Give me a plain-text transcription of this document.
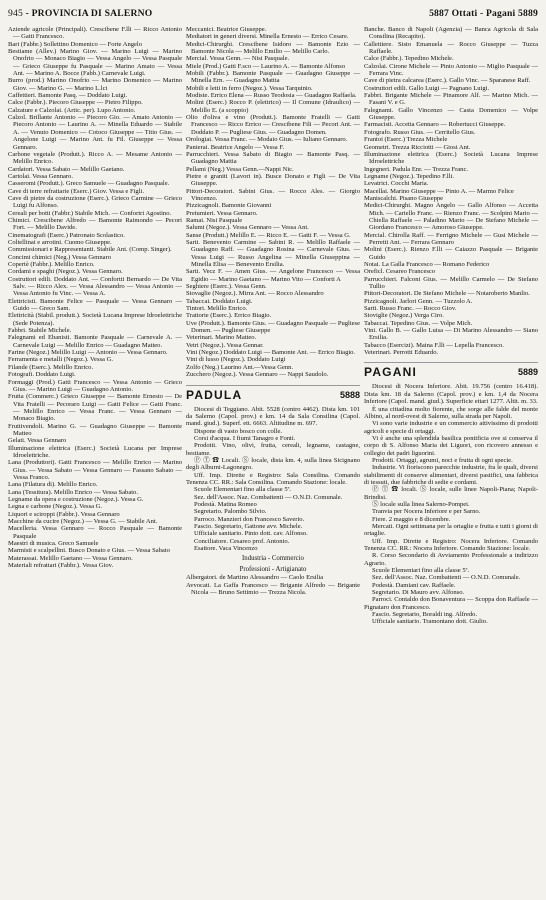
945 - PROVINCIA DI SALERNO	5887 Ottati - Pagani 5889
Aziende agricole (Principali). Crescibene F.lli — Ricco Antonio — Gatti Francesco.
Bari (Fabbr.) Sollettino Domenico — Forte Angelo
Bestiame (Allev.) Marino Giov. — Marino Luigi — Marino Onofrio — Monaco Biagio — Vessa Angelo — Vessa Pasquale — Grieco Giuseppe fu Pasquale — Marino Amato — Vessa Ant. — Marino A. Bocce (Fabb.) Carnevale Luigi.
Burro (prod.) Marino Onofrio — Marino Domenico — Marino Giov. — Marino G. — Marino L.lci
Caffettieri. Bamonte Pasq. — Doddato Luigi.
Calce (Fabbr.). Piecoro Giuseppe — Pietro Filippo.
Calzature e Calzolai. (Artic. per). Lupo Antonio.
Calzol. Brillante Antonio — Piecoro Gio. — Amato Antonio — Piecoro Antonio — Laurino A. — Minella Eduardo — Stabile A. — Venuto Domenico — Cotoco Giuseppe — Titio Gius. — Angelone Luigi — Marino Ant. fu Fil. Giuseppe — Vessa Gennaro.
Carbone vegetale (Produtt.). Ricco A. — Mesame Antonio — Melillo Enrico.
Cardatori. Vessa Sabato — Melillo Gaetano.
Cartolai. Vessa Gennaro.
Casseromi (Produtt.). Greco Samuele — Guadagno Pasquale.
Cave di terre refrattarie (Eserc.) Giov. Vessa e Figli.
Cave di pietre da costruzione (Eserc.). Grieco Carmine — Grieco Luigi fu Alfonso.
Cereali per botti (Fabbr.) Stabile Mich. — Confortri Agostino.
Chimici. Crescibene Alfredo — Bamonte Raimondo — Pecori Fort. — Melillo Davide.
Cinematografi (Eserc.) Patronato Scolastico.
Coltellinai e arrotini. Cuomo Giuseppe.
Commissionari e Rappresentanti. Stabile Ant. (Comp. Singer).
Concimi chimici (Neg.) Vessa Gennaro
Copertè (Fabbr.). Melillo Enrico.
Cordami e spaghi (Negoz.). Vessa Gennaro.
Costruttori edili. Doddato Ant. — Confortti Bernardo — De Vita Salv. — Ricco Alex. — Vessa Alessandro — Vessa Antonio — Vessa Antonio fu Vinc. — Vessa A.
Elettricisti. Bamonte Felice — Pasquale — Vessa Gennaro — Guido — Greco Sam.
Elettricità (Stabil. produtt.). Società Lucana Imprese Idroelettriche (Sede Potenza).
Fabbri. Stabile Michele.
Falegnami ed Ebanisti. Bamonte Pasquale — Carnevale A. — Carnevale Luigi — Melillo Enrico — Guadagno Matteo.
Farine (Negoz.) Melillo Luigi — Antonio — Vessa Gennaro.
Ferramenta e metalli (Negoz.). Vessa G.
Filande (Eserc.). Melillo Enrico.
Fotografi. Doddato Luigi.
Formaggi (Prod.) Gatti Francesco — Vessa Antonio — Grieco Gius. — Marino Luigi — Guadagno Antonio.
Frutta (Commerc.) Grieco Giuseppe — Bamonte Ernesto — De Vita Fratelli — Pecoraro Luigi — Gatti Felice — Gatti Franc. — Melillo Enrico — Vessa Franc. — Vessa Gennaro — Monaco Biagio.
Fruttivendoli. Marino G. — Guadagno Giuseppe — Bamonte Matteo
Gelati. Vessa Gennaro
Illuminazione elettrica (Eserc.) Società Lucana per Imprese Idroelettriche.
Lana (Produttori). Gatti Francesco — Melillo Enrico — Marino Gius. — Vessa Sabato — Vessa Gennaro — Fassano Sabato — Vessa Franco.
Lana (Filatura di). Melillo Enrico.
Lana (Tessitura). Melillo Enrico — Vessa Sabato.
Legname da opera e costruzione (Negoz.). Vessa G.
Legna e carbone (Negoz.). Vessa G.
Liquori e sciroppi (Fabbr.). Vessa Gennaro
Macchine da cucire (Negoz.) — Vessa G. — Stabile Ant.
Macelleria. Vessa Gennaro — Rocco Pasquale — Bamonte Pasquale
Maestri di musica. Greco Samuele
Marmisti e scalpellini. Busco Donato e Gius. — Vessa Sabato
Materassai. Melillo Gaetano — Vessa Gennaro.
Materiali refrattari (Fabbr.). Vessa Giov.
Meccanici. Beatrice Giuseppe.
Mediatori in generi diversi. Minella Ernesto — Errico Cesare.
Medici-Chirurghi. Crescibene Isidoro — Bamonte Ezio — Bamonte Nicola — Melillo Emilio — Melillo Carlo.
Mercial. Vessa Genn. — Nisi Pasquale.
Miele (Prod.) Gatti F.sco — Laurino A. — Bamonte Alfonso
Mobili (Fabbr.). Bamonte Pasquale — Guadagno Giuseppe — Minella Ern. — Guadagno Mattia
Mobili e letti in ferro (Negoz.). Vessa Tarquinio.
Modiste. Errico Elena — Russo Teodosia — Guadagno Raffaela.
Molini (Eserc.) Rocco P. (elettrico) — Il Comune (Idraulico) — Melillo E. (a scoppio)
Olio d'oliva e vino (Produtt.). Bamonte Fratelli — Gatti Francesco — Ricco Errico — Crescibene Fili — Pecori Ant. — Doddato P. — Pugliese Gius. — Guadagno Domen.
Orologiai. Vessa Franc. — Modaio Gius. — Iuliano Gennaro.
Panierai. Beatrice Angelo — Vessa F.
Parrucchieri. Vessa Sabato di Biagio — Bamonte Pasq. — Guadagno Mattia
Pellami (Neg.) Vessa Genn.—Nappi Nic.
Pietre e graniti (Lavori in). Busce Donato e Figli — De Vita Giuseppe.
Pittori-Decoratori. Sabini Gius. — Rocco Ales. — Giorgio Vincenzo.
Pizzicagnoli. Bamonte Giovanni
Pretumieri. Vessa Gennaro.
Ramai. Nisi Pasquale
Salumi (Negoz.). Vessa Gennaro — Vessa Ant.
Sanse (Produtt.) Melillo E. — Ricco E. — Gatti F. — Vessa G.
Sarti. Benevento Carmine — Sabini R. — Melillo Raffaele — Guadagno Raff. — Guadagno Rosina — Carnevale Gius. — Vessa Luigi — Russo Angelina — Minella Giuseppina — Minella Elisa — Benevento Ersilia.
Sarti. Vecz F. — Amen Gius. — Angelone Francesco — Vessa Egidio — Marino Gaetano — Marino Vito — Conforti A
Seghiere (Eserc.). Vessa Genn.
Stovaglie (Negoz.). Mirra Ant. — Rocco Alessandro
Tabaccai. Doddato Luigi.
Tintori. Melillo Enrico.
Trattorie (Eserc.). Errico Biagio.
Uve (Produtt.). Bamonte Gius. — Guadagno Pasquale — Pugliese Domen. — Pugliese Giuseppe
Veterinari. Marino Matteo.
Vetri (Negoz.). Vessa Gennar.
Vini (Negoz.) Doddato Luigi — Bamonte Ant. — Errico Biagio.
Vini di lusso (Negoz.). Doddato Luigi
Zolfo (Neg.) Laurino Ant.—Vessa Genn.
Zucchero (Negoz.). Vessa Gennaro — Nappi Saudolo.
PADULA	5888
Diocesi di Teggiano. Abit. 5528 (centro 4462). Dista km. 101 da Salerno (Capol. prov.) e km. 14 da Sala Consilina (Capol. mand. giud.). Superf. ett. 6663. Altitudine m. 697.
Dispone di vasto bosco con colle.
Corsi d'acqua. I fiumi Tanagro e Fonti.
Prodotti. Vino, olivi, frutta, cereali, legname, castagne, bestiame.
Ⓟ Ⓣ ☎ Locali. Ⓢ locale, dista km. 4, sulla linea Sicignano degli Alburni-Lagonegro.
Uff. Imp. Dirette e Registro: Sala Consilina. Comando Tenenza CC. RR.: Sala Consilina. Comando Stazione: locale.
Scuole Elementari fino alla classe 5ª.
Sez. dell'Assoc. Naz. Combattenti — O.N.D. Comunale.
Podestà. Matina Romeo
Segretario. Palombo Silvio.
Parroco. Manzieri don Francesco Saverio.
Fascio. Segretario, Gattone avv. Michele.
Ufficiale sanitario. Pinto dott. cav. Alfonso.
Conciliatore. Cesareo prof. Antonio.
Esattore. Vaca Vincenzo
Industria - Commercio
Professioni - Artigianato
Albergatori. de Martino Alessandro — Caolo Ersilia
Avvocati. La Gaffa Francesco — Brigante Alfredo — Brigante Nicola — Bruno Settimio — Trezza Nicola.
Banche. Banco di Napoli (Agenzia) — Banca Agricola di Sala Consilina (Recapito).
Callettiere. Sisto Emanuela — Rocco Giuseppe — Tuzza Raffaele.
Calce (Fabbr.). Tepedino Michele.
Calzolai. Cirone Michele — Pinto Antonio — Miglio Pasquale — Ferrara Vinc.
Cave di pietra calcarea (Eserc.). Gallo Vinc. — Sparanese Raff.
Costruttori edili. Gallo Luigi — Pagnano Luigi.
Fabbri. Brigante Michele — Pinamore Alf. — Marino Mich. — Fasani V. e G.
Falegnami. Gallo Vincenzo — Casta Domenico — Volpe Giuseppe.
Farmacisti. Accetta Gennaro — Robertucci Giuseppe.
Fotografo. Russo Gius. — Cerritello Gius.
Frantoi (Eserc.) Trezza Michele
Geometri. Trezza Ricciotti — Giosi Ant.
Illuminazione elettrica (Eserc.) Società Lucana Imprese Idroelettriche
Ingegneri. Padula Enr. — Trezza Franc.
Legname (Negoz.). Tepedino F.lli.
Levatrici. Cocchi Maria.
Macellai. Marino Giuseppe — Pinto A. — Marmo Felice
Maniscalchi. Pisano Giuseppe
Medici-Chirurghi. Magno Angelo — Gallo Alfonso — Accetta Mich. — Cariello Franc. — Rienzo Franc. — Scolpini Mario — Chiella Raffaele — Paladino Mario — De Stefano Michele — Giordano Francesco — Amoroso Giuseppe.
Mercial. Chirolla Raff. — Ferrigno Michele — Gusi Michele — Perretti Ant. — Ferrara Gennaro
Molini (Eserc.). Rienzo F.lli — Caiazzo Pasquale — Brigante Guido
Notai. La Galla Francesco — Romano Federico
Oreficl. Cesareo Francesco
Parrucchieri. Falconi Gius. — Melillo Carmelo — De Stefano Tullio
Pittori-Decoratori. De Stefano Michele — Notaroberto Manlio.
Pizzicagnoli. Jarlori Genn. — Tuzzolo A.
Sarti. Russo Franc. — Rocco Giov.
Stoviglie (Negoz.) Verga Ciro.
Tabaccai. Tepedino Gius. — Volpe Mich.
Vini. Gallo B. — Gallo Luisa — Di Marino Alessandro — Siano Ersilia.
Tabacco (Esercizi). Maina F.lli — Lepella Francesco.
Veterinari. Perrotti Eduardo.
PAGANI	5889
Diocesi di Nocera Inferiore. Abit. 19.756 (centro 16.418). Dista km. 18 da Salerno (Capol. prov.) e km. 1,4 da Nocera Inferiore (Capol. mand. giud.). Superficie ettari 1277. Altit. m. 33.
È una cittadina molto fiorente, che sorge alle falde del monte Albino, al nord-ovest di Salerno, sulla strada per Napoli.
Vi sono varie industrie e un commercio attivissimo di prodotti agricoli e specie di ortaggi.
Vi è anche una splendida basilica pontificia ove si conserva il corpo di S. Alfonso Maria dei Liguori, con ricovero annesso e collegio dei padri liguorini.
Prodotti. Ortaggi, agrumi, noci e frutta di ogni specie.
Industrie. Vi fioriscono parecchie industrie, fra le quali, diversi stabilimenti di conserve alimentari, diversi pastifici, una fabbrica di tessuti, due fabbriche di sedie e cordami.
Ⓟ Ⓣ ☎ locali. Ⓢ locale, sulle linee Napoli-Piana; Napoli-Brindisi.
Ⓢ locale sulla linea Salerno-Pompei.
Tranvia per Nocera Inferiore e per Sarno.
Fiere. 2 maggio e 8 dicembre.
Mercati. Ogni settimana per la ortaglie e frutta e tutti i giorni di ortaglie.
Uff. Imp. Dirette e Registro: Nocera Inferiore. Comando Tenenza CC. RR.: Nocera Inferiore. Comando Stazione: locale.
R. Corso Secondario di Avviamento Professionale a indirizzo Agrario.
Scuole Elementari fino alla classe 5ª.
Sez. dell'Assoc. Naz. Combattenti — O.N.D. Comunale.
Podestà. Damiani cav. Raffaele.
Segretario. Di Mauro avv. Alfonso.
Parroci. Contaldo don Bonaventura — Scoppa don Raffaele — Pignataro don Francesco.
Fascio. Segretario, Boraldi ing. Alfredo.
Ufficiale sanitario. Tramontano dott. Giulio.
